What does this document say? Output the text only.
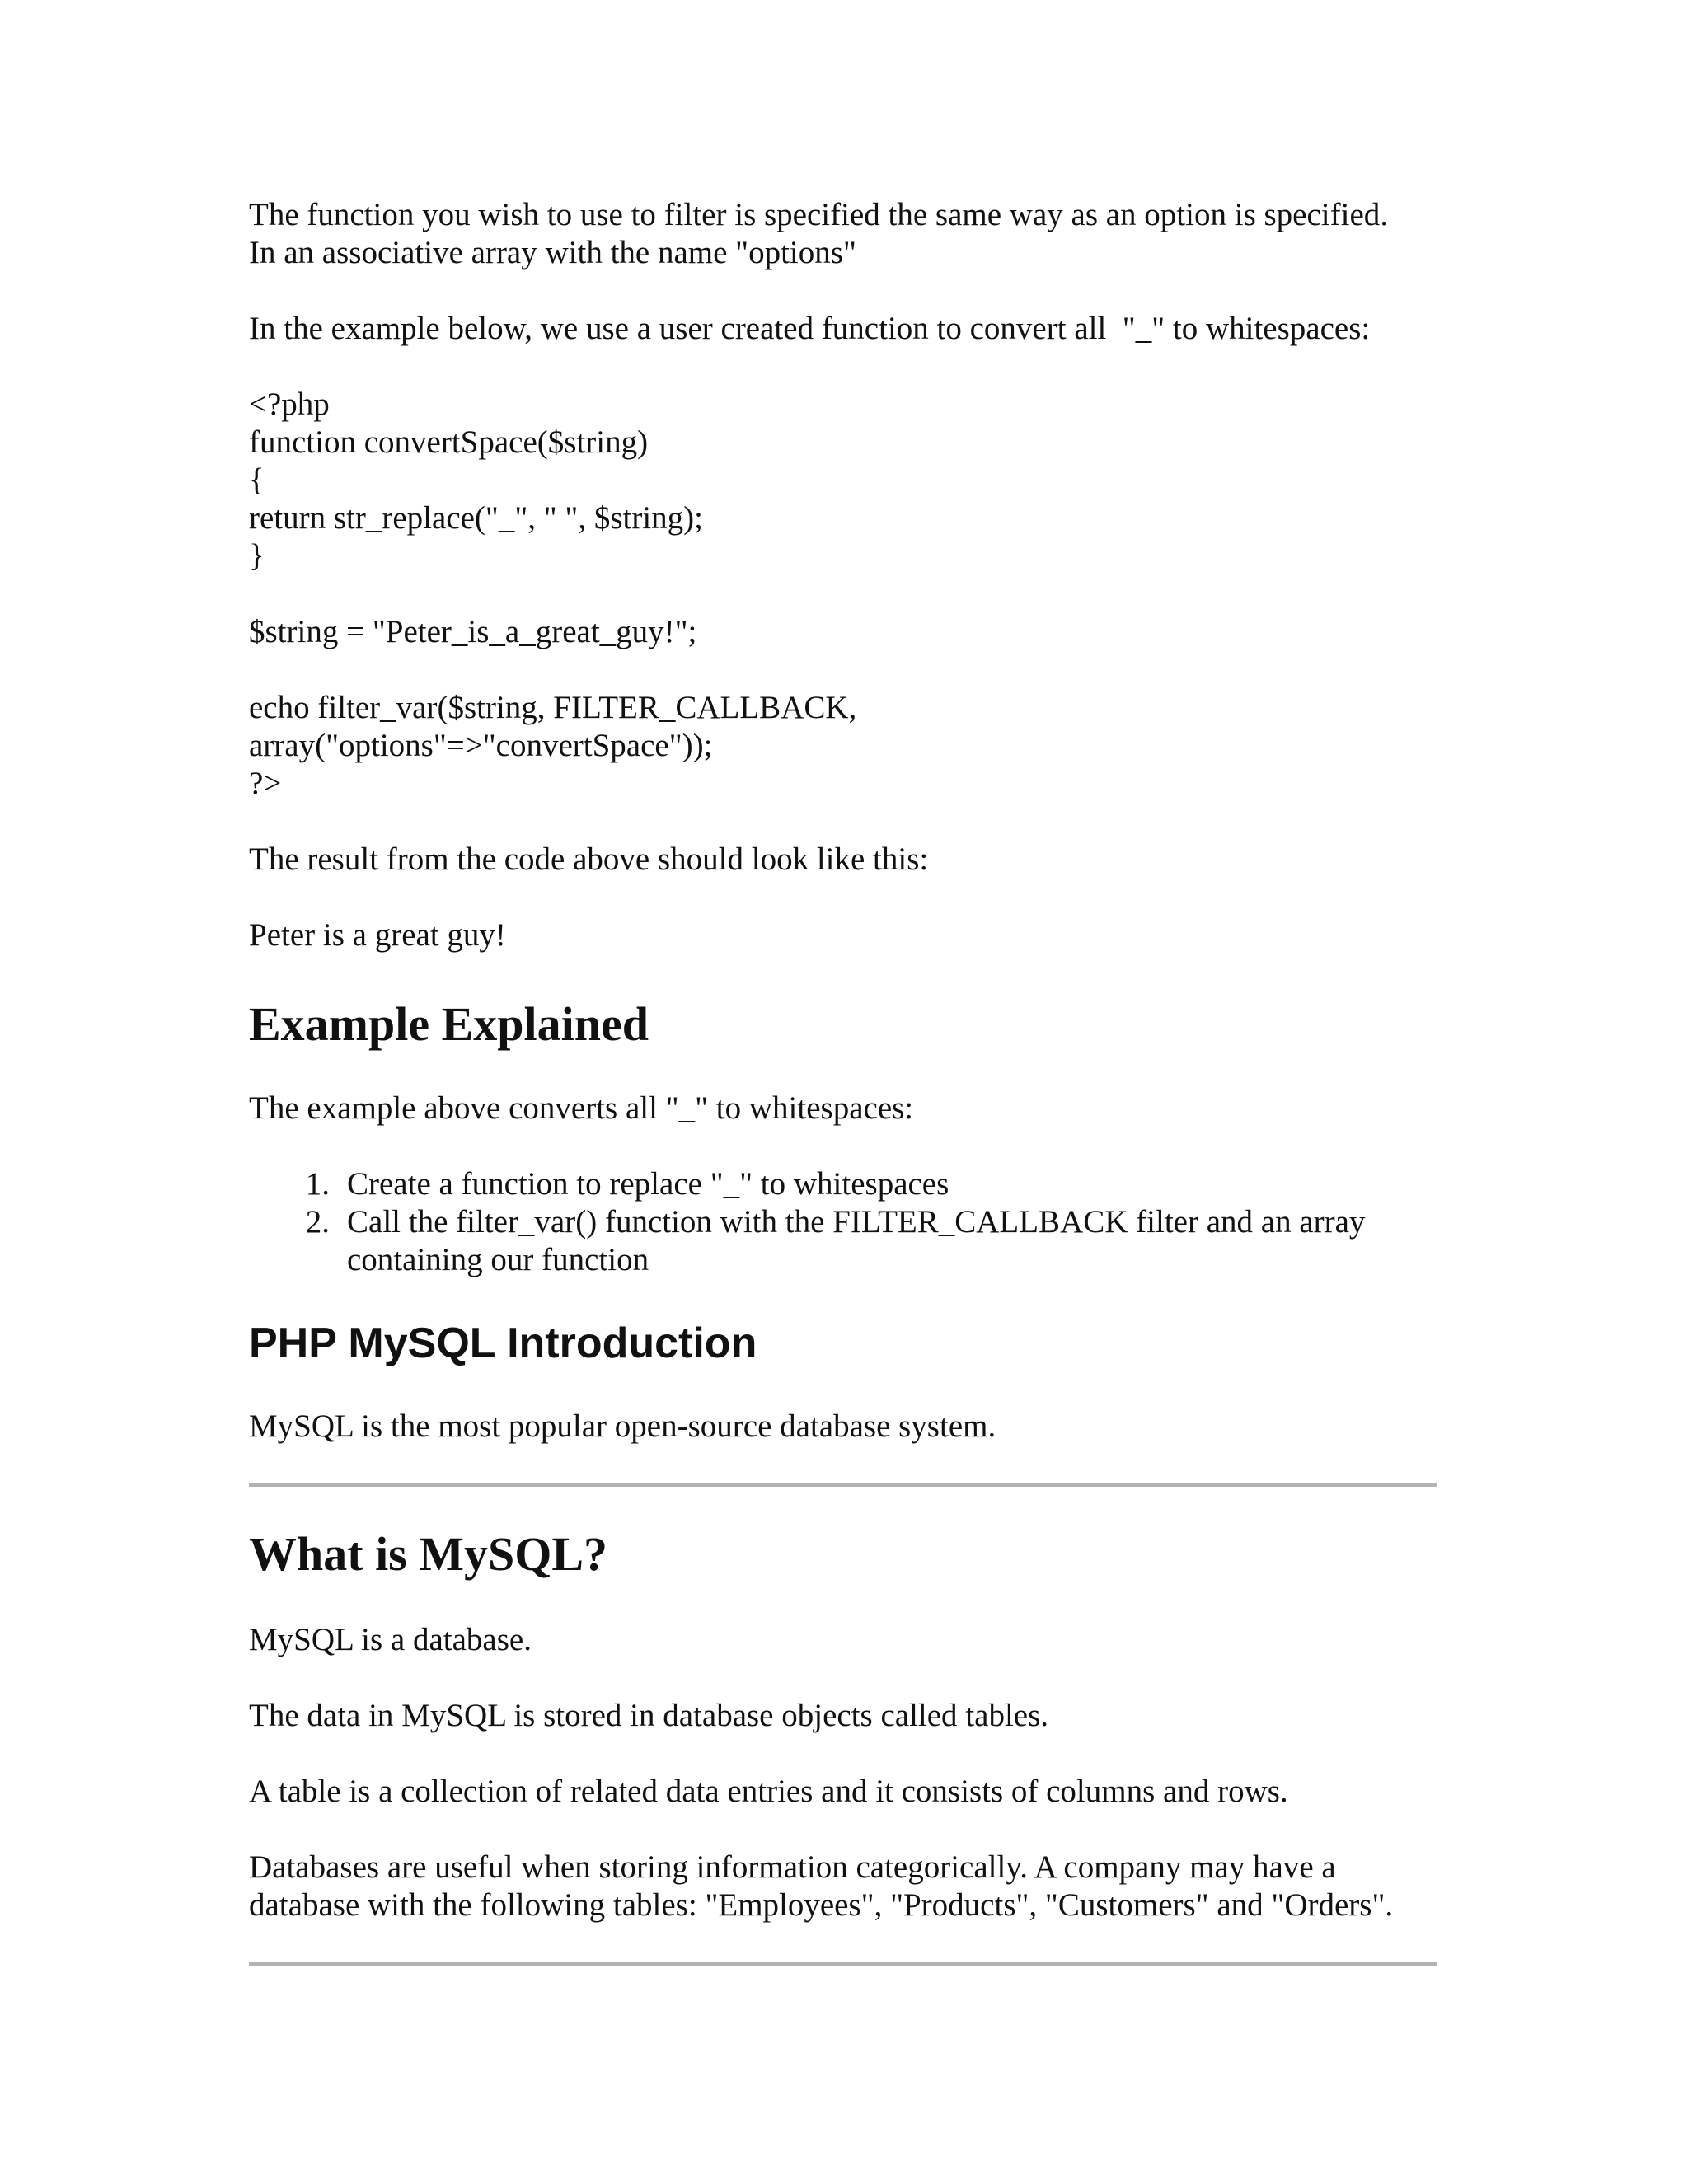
The function you wish to use to filter is specified the same way as an option is specified.

In an associative array with the name "options"

In the example below, we use a user created function to convert all  "_" to whitespaces:

<?php

function convertSpace($string)

{

return str_replace("_", " ", $string);

}

$string = "Peter_is_a_great_guy!";

echo filter_var($string, FILTER_CALLBACK,

array("options"=>"convertSpace"));

?>

The result from the code above should look like this:

Peter is a great guy!

Example Explained

The example above converts all "_" to whitespaces:

1. Create a function to replace "_" to whitespaces
2. Call the filter_var() function with the FILTER_CALLBACK filter and an array
containing our function
PHP MySQL Introduction

MySQL is the most popular open-source database system.

What is MySQL?

MySQL is a database.

The data in MySQL is stored in database objects called tables.

A table is a collection of related data entries and it consists of columns and rows.

Databases are useful when storing information categorically. A company may have a

database with the following tables: "Employees", "Products", "Customers" and "Orders".
